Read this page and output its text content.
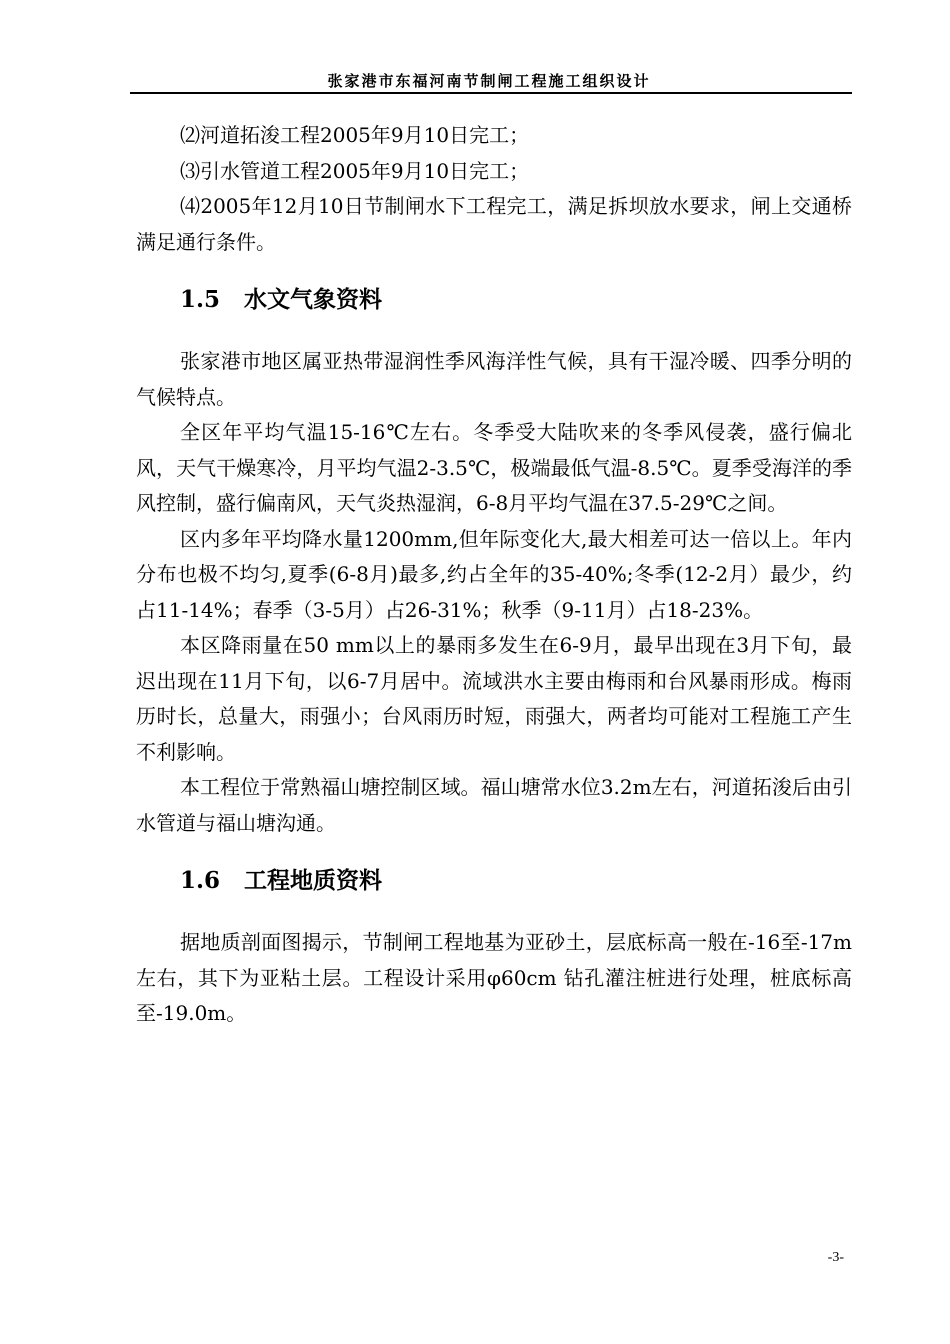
张家港市东福河南节制闸工程施工组织设计

⑵河道拓浚工程2005年9月10日完工；

⑶引水管道工程2005年9月10日完工；

⑷2005年12月10日节制闸水下工程完工，满足拆坝放水要求，闸上交通桥满足通行条件。

1.5 水文气象资料

张家港市地区属亚热带湿润性季风海洋性气候，具有干湿冷暖、四季分明的气候特点。

全区年平均气温15-16℃左右。冬季受大陆吹来的冬季风侵袭，盛行偏北风，天气干燥寒冷，月平均气温2-3.5℃，极端最低气温-8.5℃。夏季受海洋的季风控制，盛行偏南风，天气炎热湿润，6-8月平均气温在37.5-29℃之间。

区内多年平均降水量1200mm,但年际变化大,最大相差可达一倍以上。年内分布也极不均匀,夏季(6-8月)最多,约占全年的35-40%;冬季(12-2月）最少，约占11-14%；春季（3-5月）占26-31%；秋季（9-11月）占18-23%。

本区降雨量在50 mm以上的暴雨多发生在6-9月，最早出现在3月下旬，最迟出现在11月下旬，以6-7月居中。流域洪水主要由梅雨和台风暴雨形成。梅雨历时长，总量大，雨强小；台风雨历时短，雨强大，两者均可能对工程施工产生不利影响。

本工程位于常熟福山塘控制区域。福山塘常水位3.2m左右，河道拓浚后由引水管道与福山塘沟通。

1.6 工程地质资料

据地质剖面图揭示，节制闸工程地基为亚砂土，层底标高一般在-16至-17m 左右，其下为亚粘土层。工程设计采用φ60cm 钻孔灌注桩进行处理，桩底标高至-19.0m。

-3-
